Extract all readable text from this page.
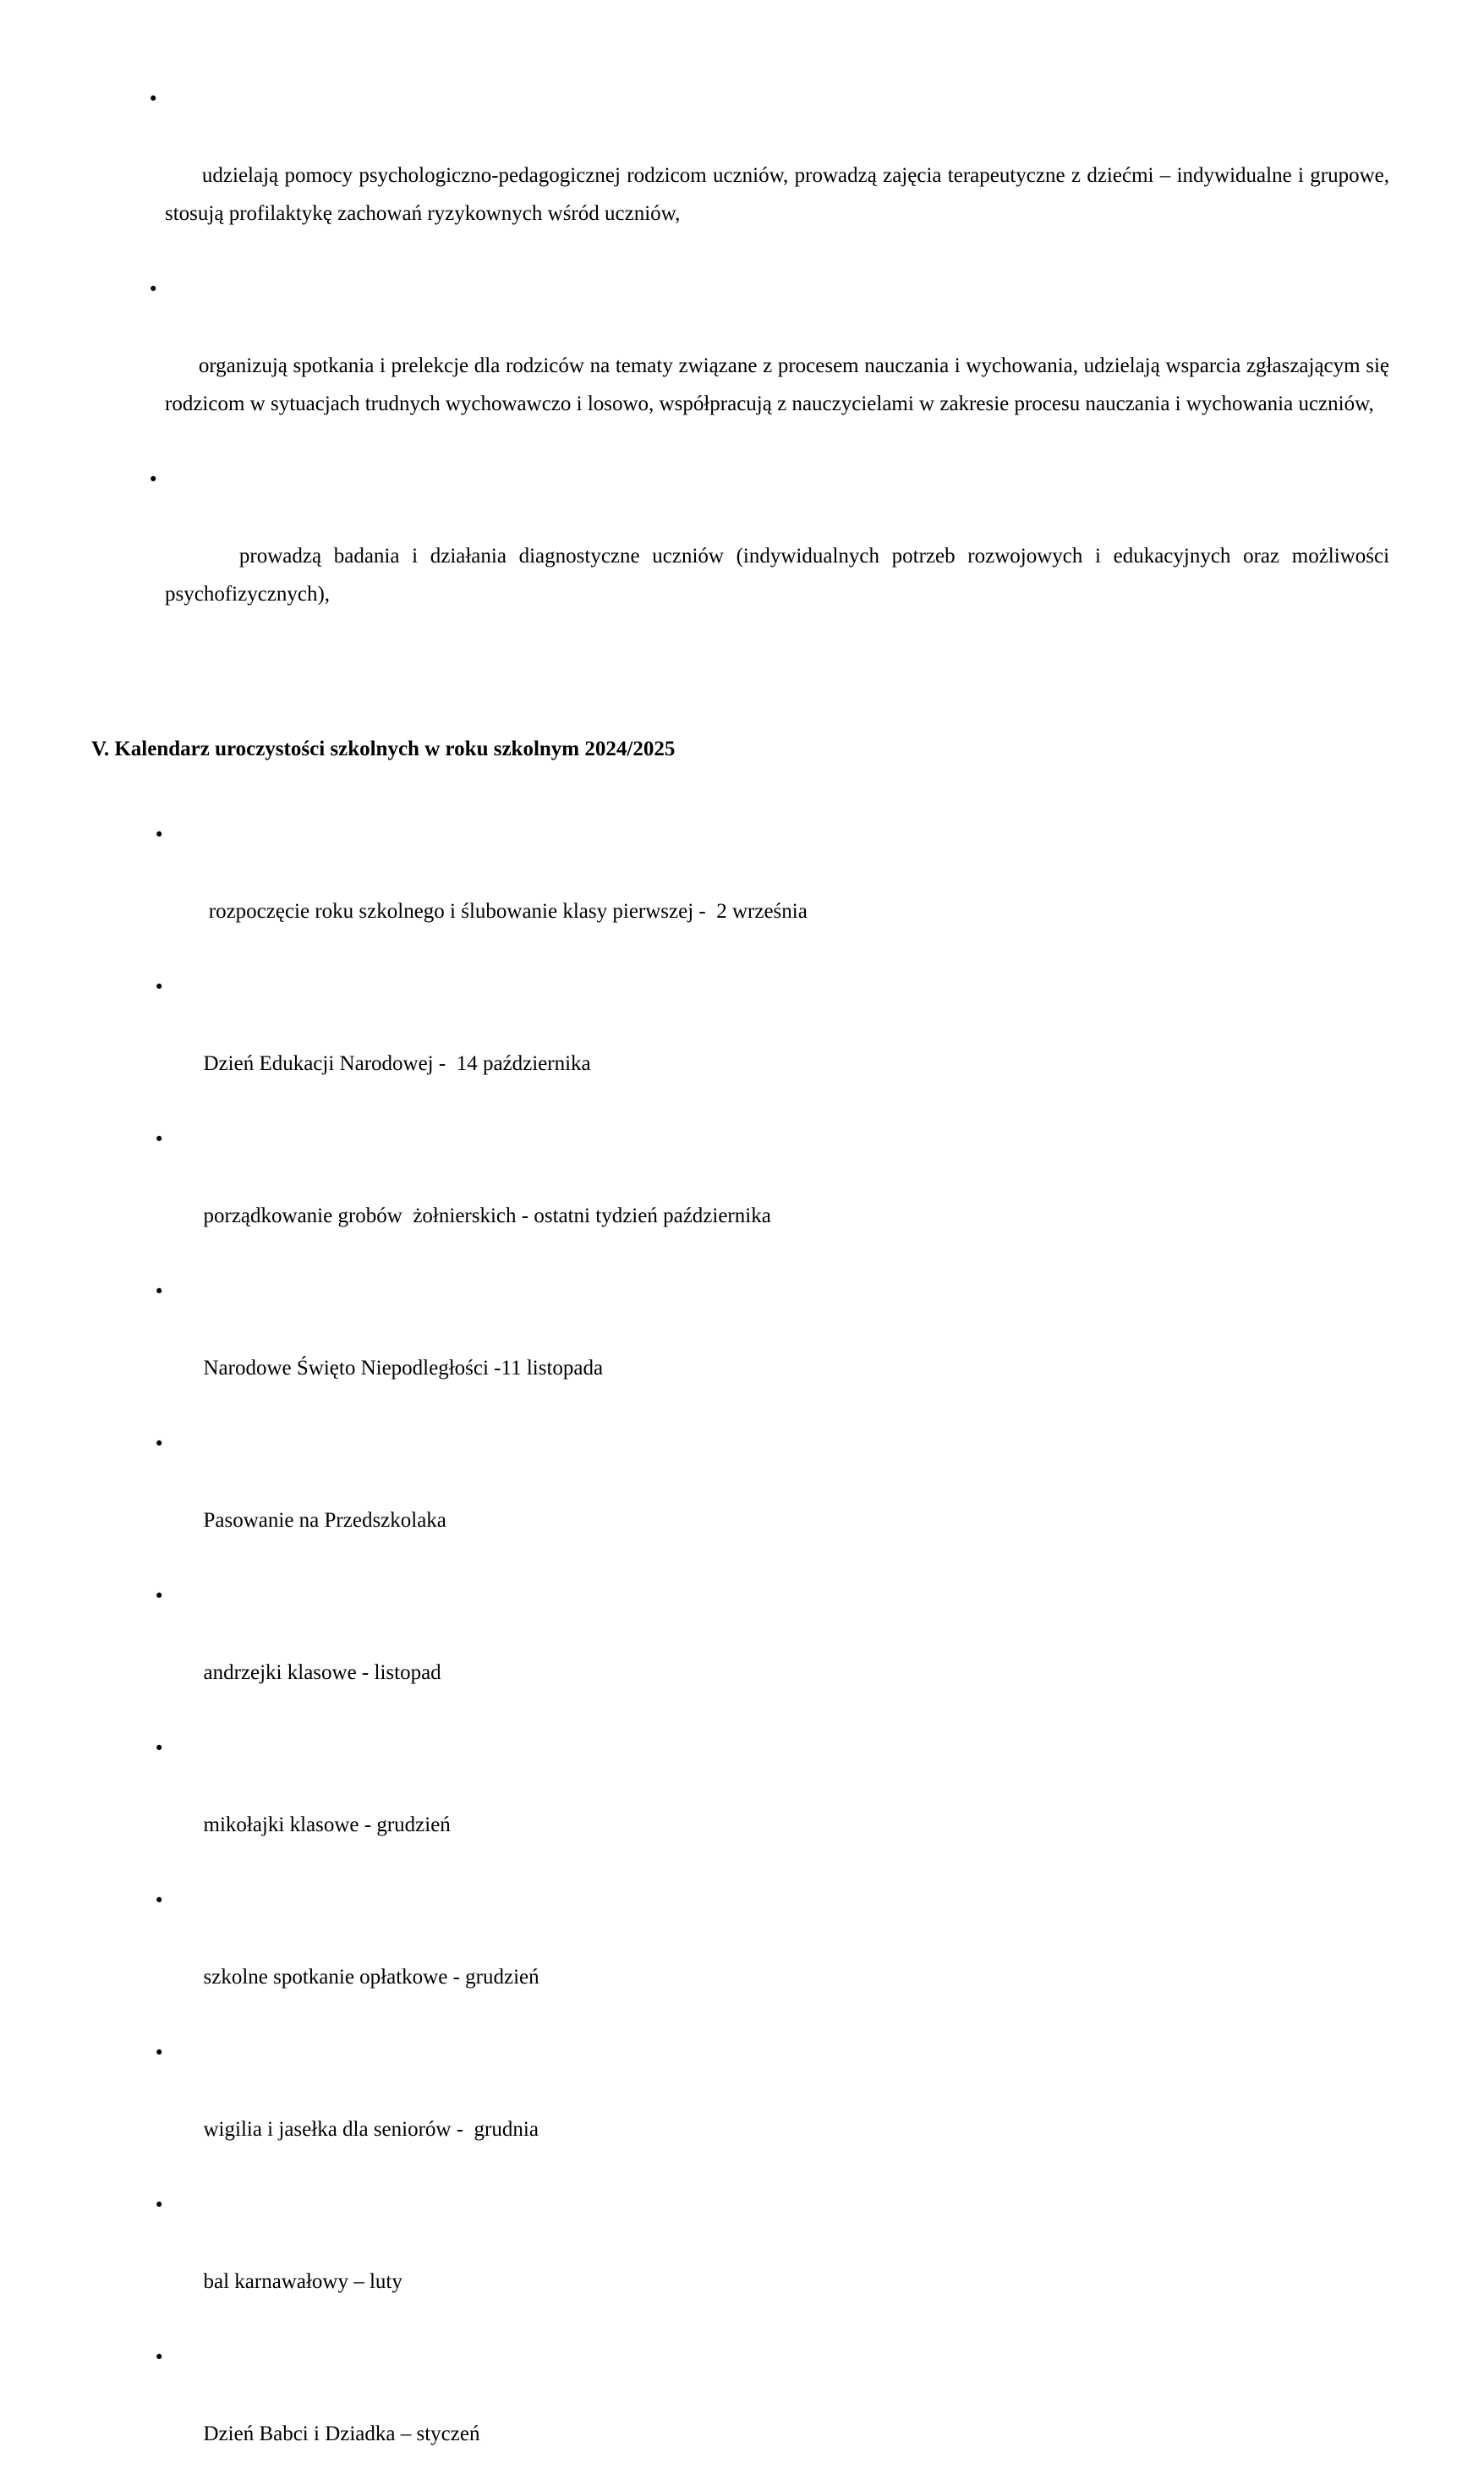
•

udzielają pomocy psychologiczno-pedagogicznej rodzicom uczniów, prowadzą zajęcia terapeutyczne z dziećmi – indywidualne i grupowe, stosują profilaktykę zachowań ryzykownych wśród uczniów,

•

organizują spotkania i prelekcje dla rodziców na tematy związane z procesem nauczania i wychowania, udzielają wsparcia zgłaszającym się rodzicom w sytuacjach trudnych wychowawczo i losowo, współpracują z nauczycielami w zakresie procesu nauczania i wychowania uczniów,

•

prowadzą badania i działania diagnostyczne uczniów (indywidualnych potrzeb rozwojowych i edukacyjnych oraz możliwości psychofizycznych),

V. Kalendarz uroczystości szkolnych w roku szkolnym 2024/2025

•

rozpoczęcie roku szkolnego i ślubowanie klasy pierwszej -  2 września

•

Dzień Edukacji Narodowej -  14 października

•

porządkowanie grobów  żołnierskich - ostatni tydzień października

•

Narodowe Święto Niepodległości -11 listopada

•

Pasowanie na Przedszkolaka

•

andrzejki klasowe - listopad

•

mikołajki klasowe - grudzień

•

szkolne spotkanie opłatkowe - grudzień

•

wigilia i jasełka dla seniorów -  grudnia

•

bal karnawałowy – luty

•

Dzień Babci i Dziadka – styczeń
